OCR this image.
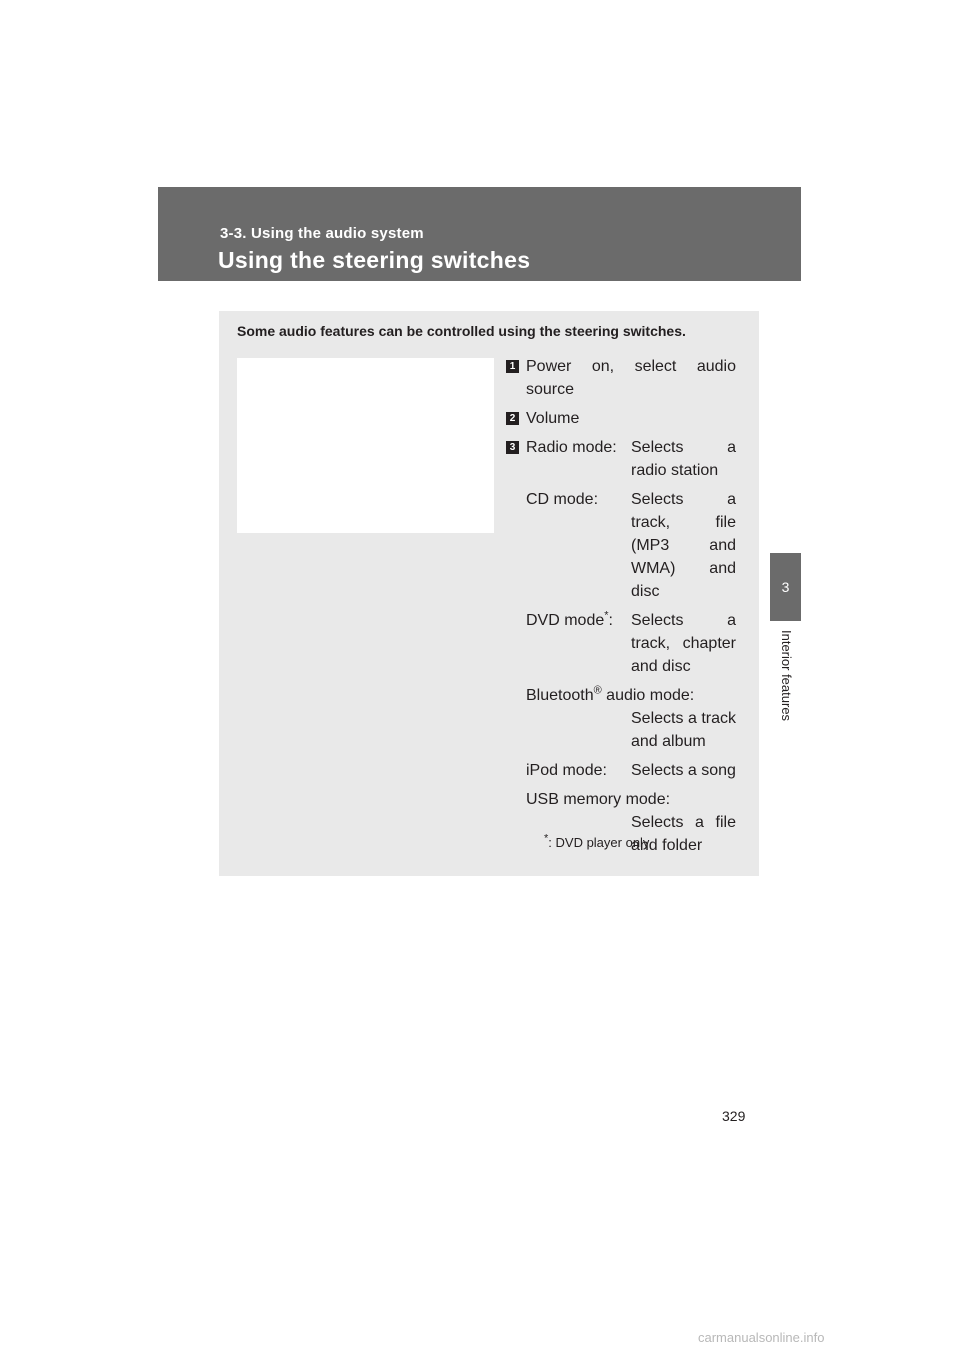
3-3. Using the audio system
Using the steering switches
3
Interior features
Some audio features can be controlled using the steering switches.
1 Power on, select audio source
2 Volume
3 Radio mode: Selects a radio station
CD mode:	Selects a track, file (MP3 and WMA) and disc
DVD mode*:	Selects a track, chapter and disc
Bluetooth® audio mode:
Selects a track and album
iPod mode:	Selects a song
USB memory mode:
Selects a file and folder
*: DVD player only
329
carmanualsonline.info
